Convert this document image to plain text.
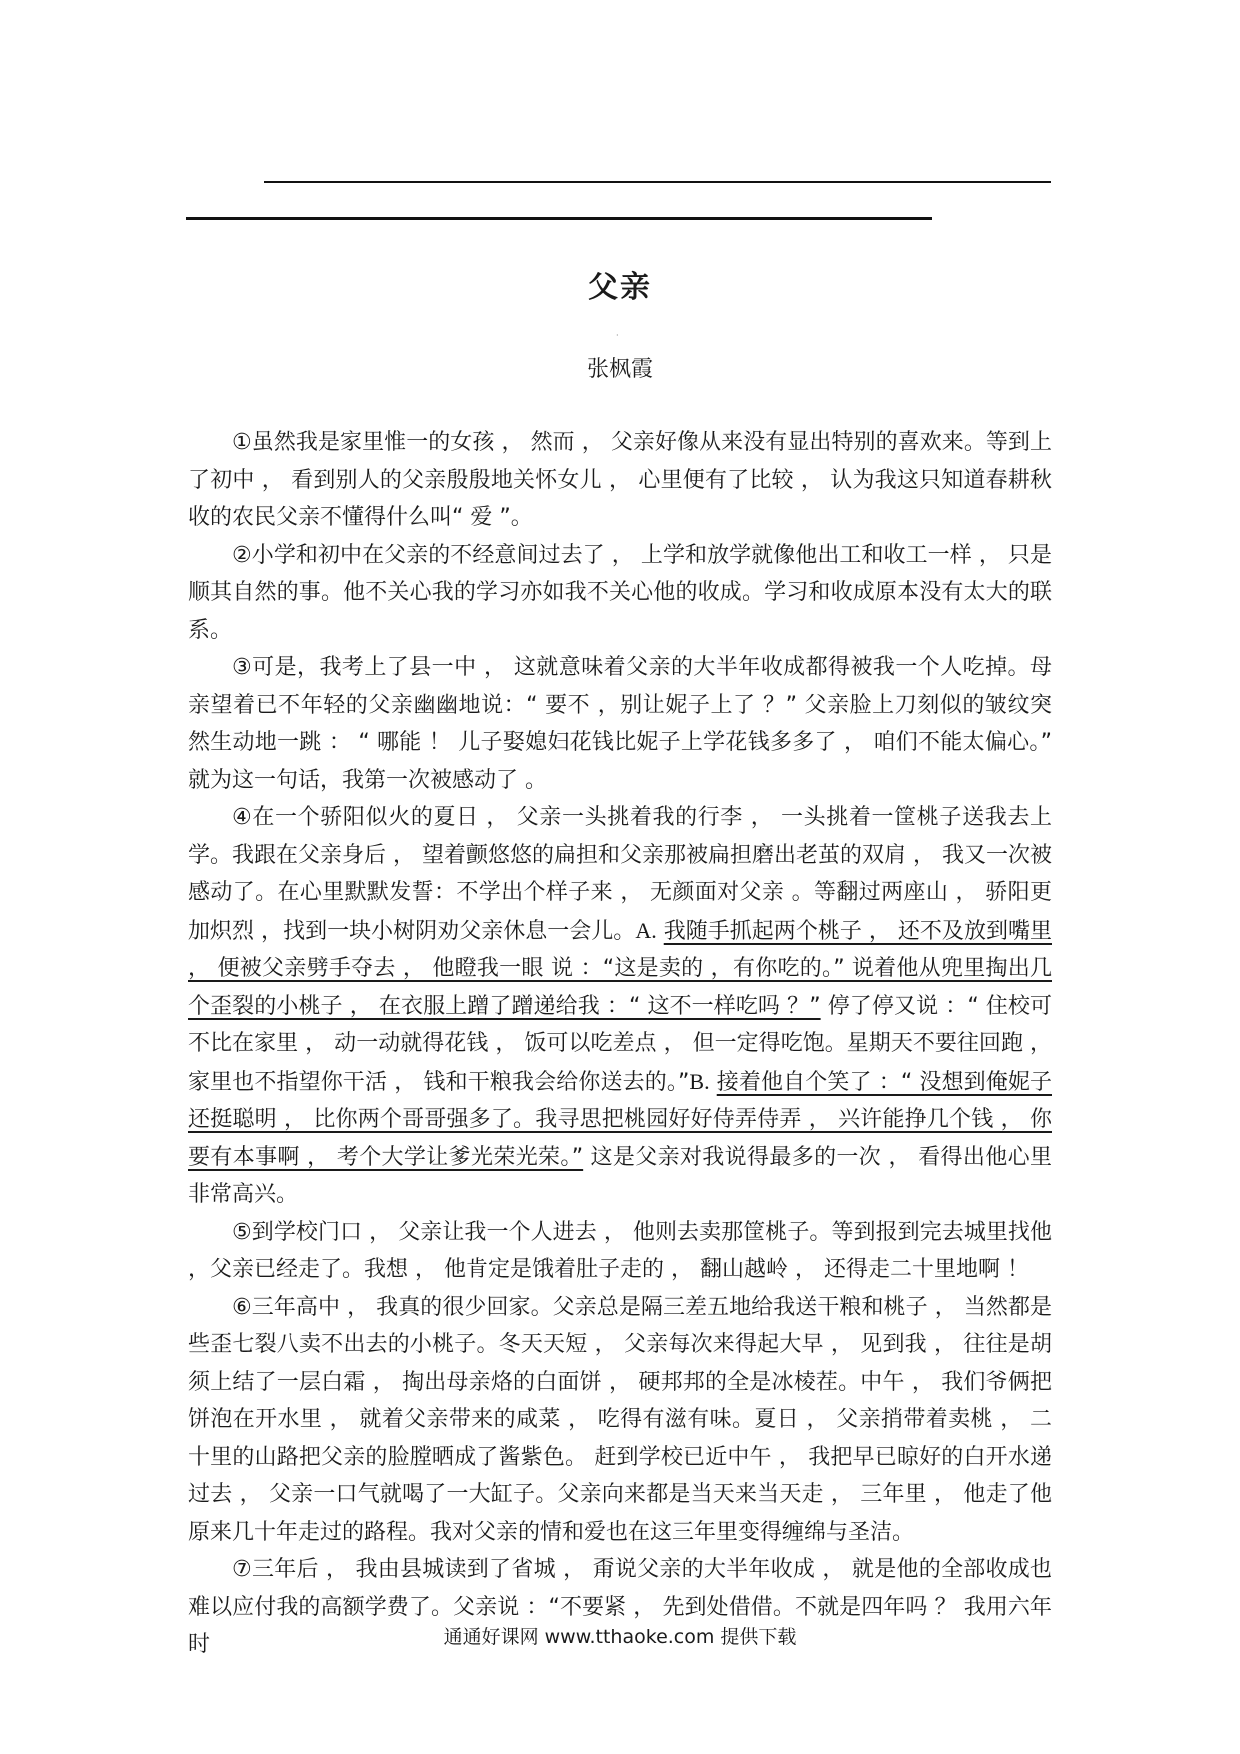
父亲
·
张枫霞

①虽然我是家里惟一的女孩 ， 然而 ， 父亲好像从来没有显出特别的喜欢来。等到上了初中 ， 看到别人的父亲殷殷地关怀女儿 ， 心里便有了比较 ， 认为我这只知道春耕秋收的农民父亲不懂得什么叫“ 爱 ”。

②小学和初中在父亲的不经意间过去了 ， 上学和放学就像他出工和收工一样 ， 只是顺其自然的事。他不关心我的学习亦如我不关心他的收成。学习和收成原本没有太大的联系。

③可是，我考上了县一中 ， 这就意味着父亲的大半年收成都得被我一个人吃掉。母亲望着已不年轻的父亲幽幽地说：“ 要不 ，别让妮子上了 ？” 父亲脸上刀刻似的皱纹突然生动地一跳 ： “ 哪能 ！ 儿子娶媳妇花钱比妮子上学花钱多多了 ， 咱们不能太偏心。” 就为这一句话，我第一次被感动了 。

④在一个骄阳似火的夏日 ， 父亲一头挑着我的行李 ， 一头挑着一筐桃子送我去上学。我跟在父亲身后 ， 望着颤悠悠的扁担和父亲那被扁担磨出老茧的双肩 ， 我又一次被感动了。在心里默默发誓：不学出个样子来 ， 无颜面对父亲 。等翻过两座山 ， 骄阳更加炽烈 ，找到一块小树阴劝父亲休息一会儿。A. 我随手抓起两个桃子 ， 还不及放到嘴里 ， 便被父亲劈手夺去 ， 他瞪我一眼 说 ：“这是卖的 ，有你吃的。” 说着他从兜里掏出几个歪裂的小桃子 ， 在衣服上蹭了蹭递给我 ：“ 这不一样吃吗 ？” 停了停又说 ：“ 住校可不比在家里 ， 动一动就得花钱 ， 饭可以吃差点 ， 但一定得吃饱。星期天不要往回跑 ， 家里也不指望你干活 ， 钱和干粮我会给你送去的。”B. 接着他自个笑了 ：“ 没想到俺妮子还挺聪明 ， 比你两个哥哥强多了。我寻思把桃园好好侍弄侍弄 ， 兴许能挣几个钱 ， 你要有本事啊 ， 考个大学让爹光荣光荣。” 这是父亲对我说得最多的一次 ， 看得出他心里非常高兴。

⑤到学校门口 ， 父亲让我一个人进去 ， 他则去卖那筐桃子。等到报到完去城里找他 ，父亲已经走了。我想 ， 他肯定是饿着肚子走的 ， 翻山越岭 ， 还得走二十里地啊 ！

⑥三年高中 ， 我真的很少回家。父亲总是隔三差五地给我送干粮和桃子 ， 当然都是些歪七裂八卖不出去的小桃子。冬天天短 ， 父亲每次来得起大早 ， 见到我 ， 往往是胡须上结了一层白霜 ， 掏出母亲烙的白面饼 ， 硬邦邦的全是冰棱茬。中午 ， 我们爷俩把饼泡在开水里 ， 就着父亲带来的咸菜 ， 吃得有滋有味。夏日 ， 父亲捎带着卖桃 ， 二十里的山路把父亲的脸膛晒成了酱紫色。 赶到学校已近中午 ， 我把早已晾好的白开水递过去 ， 父亲一口气就喝了一大缸子。父亲向来都是当天来当天走 ， 三年里 ， 他走了他原来几十年走过的路程。我对父亲的情和爱也在这三年里变得缠绵与圣洁。

⑦三年后 ， 我由县城读到了省城 ， 甭说父亲的大半年收成 ， 就是他的全部收成也难以应付我的高额学费了。父亲说 ：“不要紧 ， 先到处借借。不就是四年吗 ？ 我用六年时	通通好课网 www.tthaoke.com 提供下载
